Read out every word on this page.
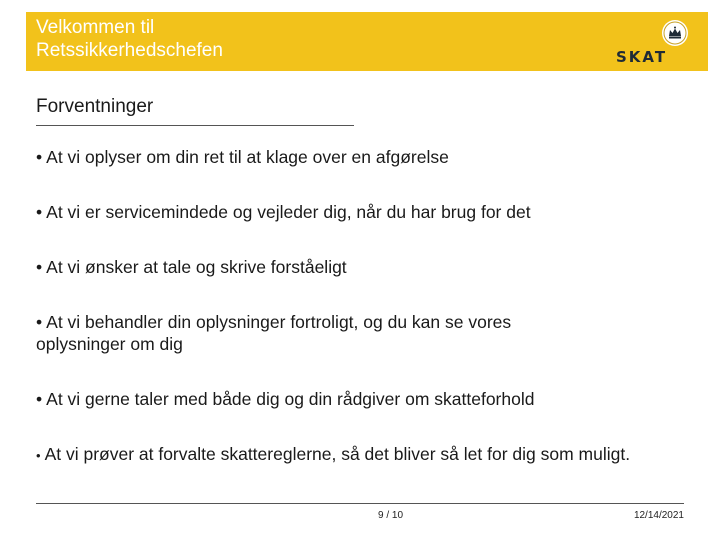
Velkommen til
Retssikkerhedschefen	SKAT
Forventninger
• At vi oplyser om din ret til at klage over en afgørelse
• At vi er servicemindede og vejleder dig, når du har brug for det
• At vi ønsker at tale og skrive forståeligt
• At vi behandler din oplysninger fortroligt, og du kan se vores oplysninger om dig
• At vi gerne taler med både dig og din rådgiver om skatteforhold
• At vi prøver at forvalte skattereglerne, så det bliver så let for dig som muligt.
9 / 10	12/14/2021
